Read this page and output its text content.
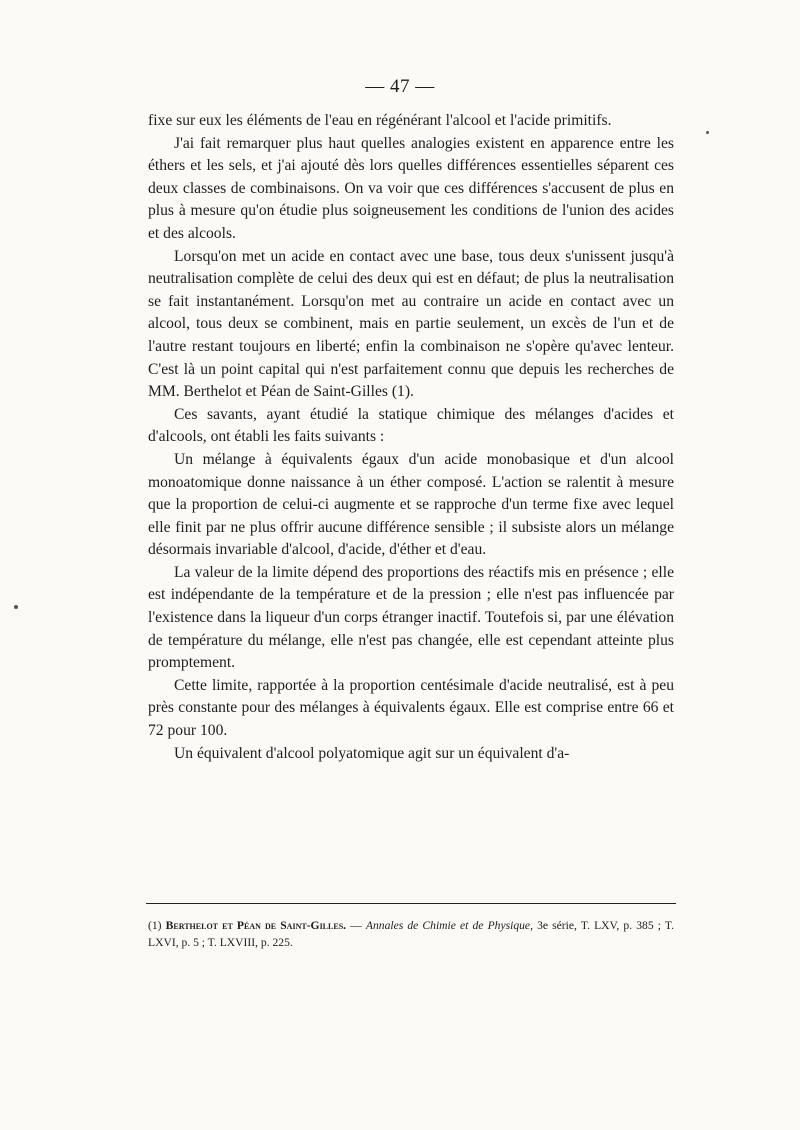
— 47 —

fixe sur eux les éléments de l'eau en régénérant l'alcool et l'acide primitifs.

J'ai fait remarquer plus haut quelles analogies existent en apparence entre les éthers et les sels, et j'ai ajouté dès lors quelles différences essentielles séparent ces deux classes de combinaisons. On va voir que ces différences s'accusent de plus en plus à mesure qu'on étudie plus soigneusement les conditions de l'union des acides et des alcools.

Lorsqu'on met un acide en contact avec une base, tous deux s'unissent jusqu'à neutralisation complète de celui des deux qui est en défaut; de plus la neutralisation se fait instantanément. Lorsqu'on met au contraire un acide en contact avec un alcool, tous deux se combinent, mais en partie seulement, un excès de l'un et de l'autre restant toujours en liberté; enfin la combinaison ne s'opère qu'avec lenteur. C'est là un point capital qui n'est parfaitement connu que depuis les recherches de MM. Berthelot et Péan de Saint-Gilles (1).

Ces savants, ayant étudié la statique chimique des mélanges d'acides et d'alcools, ont établi les faits suivants :

Un mélange à équivalents égaux d'un acide monobasique et d'un alcool monoatomique donne naissance à un éther composé. L'action se ralentit à mesure que la proportion de celui-ci augmente et se rapproche d'un terme fixe avec lequel elle finit par ne plus offrir aucune différence sensible ; il subsiste alors un mélange désormais invariable d'alcool, d'acide, d'éther et d'eau.

La valeur de la limite dépend des proportions des réactifs mis en présence ; elle est indépendante de la température et de la pression ; elle n'est pas influencée par l'existence dans la liqueur d'un corps étranger inactif. Toutefois si, par une élévation de température du mélange, elle n'est pas changée, elle est cependant atteinte plus promptement.

Cette limite, rapportée à la proportion centésimale d'acide neutralisé, est à peu près constante pour des mélanges à équivalents égaux. Elle est comprise entre 66 et 72 pour 100.

Un équivalent d'alcool polyatomique agit sur un équivalent d'a-

(1) Berthelot et Péan de Saint-Gilles. — Annales de Chimie et de Physique, 3e série, T. LXV, p. 385 ; T. LXVI, p. 5 ; T. LXVIII, p. 225.
